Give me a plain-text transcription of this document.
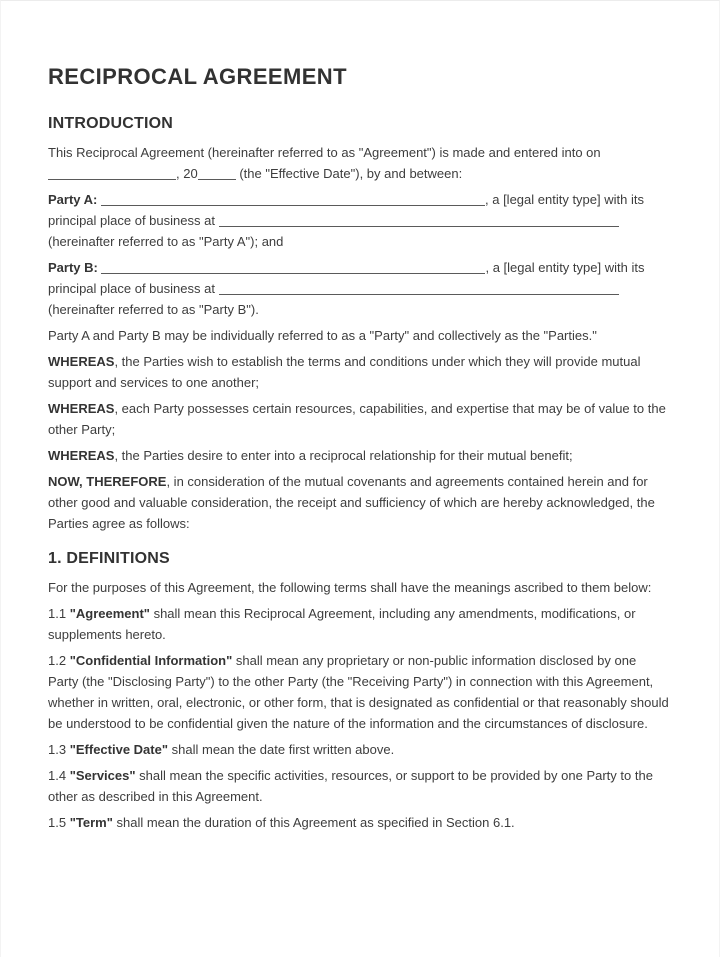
RECIPROCAL AGREEMENT
INTRODUCTION

This Reciprocal Agreement (hereinafter referred to as "Agreement") is made and entered into on , 20	(the "Effective Date"), by and between:

Party A:	, a [legal entity type] with its principal place of business at  (hereinafter referred to as "Party A"); and

Party B:	, a [legal entity type] with its principal place of business at  (hereinafter referred to as "Party B").

Party A and Party B may be individually referred to as a "Party" and collectively as the "Parties."

WHEREAS, the Parties wish to establish the terms and conditions under which they will provide mutual support and services to one another;

WHEREAS, each Party possesses certain resources, capabilities, and expertise that may be of value to the other Party;

WHEREAS, the Parties desire to enter into a reciprocal relationship for their mutual benefit;

NOW, THEREFORE, in consideration of the mutual covenants and agreements contained herein and for other good and valuable consideration, the receipt and sufficiency of which are hereby acknowledged, the Parties agree as follows:

1. DEFINITIONS

For the purposes of this Agreement, the following terms shall have the meanings ascribed to them below:

1.1 "Agreement" shall mean this Reciprocal Agreement, including any amendments, modifications, or supplements hereto.

1.2 "Confidential Information" shall mean any proprietary or non-public information disclosed by one Party (the "Disclosing Party") to the other Party (the "Receiving Party") in connection with this Agreement, whether in written, oral, electronic, or other form, that is designated as confidential or that reasonably should be understood to be confidential given the nature of the information and the circumstances of disclosure.

1.3 "Effective Date" shall mean the date first written above.

1.4 "Services" shall mean the specific activities, resources, or support to be provided by one Party to the other as described in this Agreement.

1.5 "Term" shall mean the duration of this Agreement as specified in Section 6.1.
